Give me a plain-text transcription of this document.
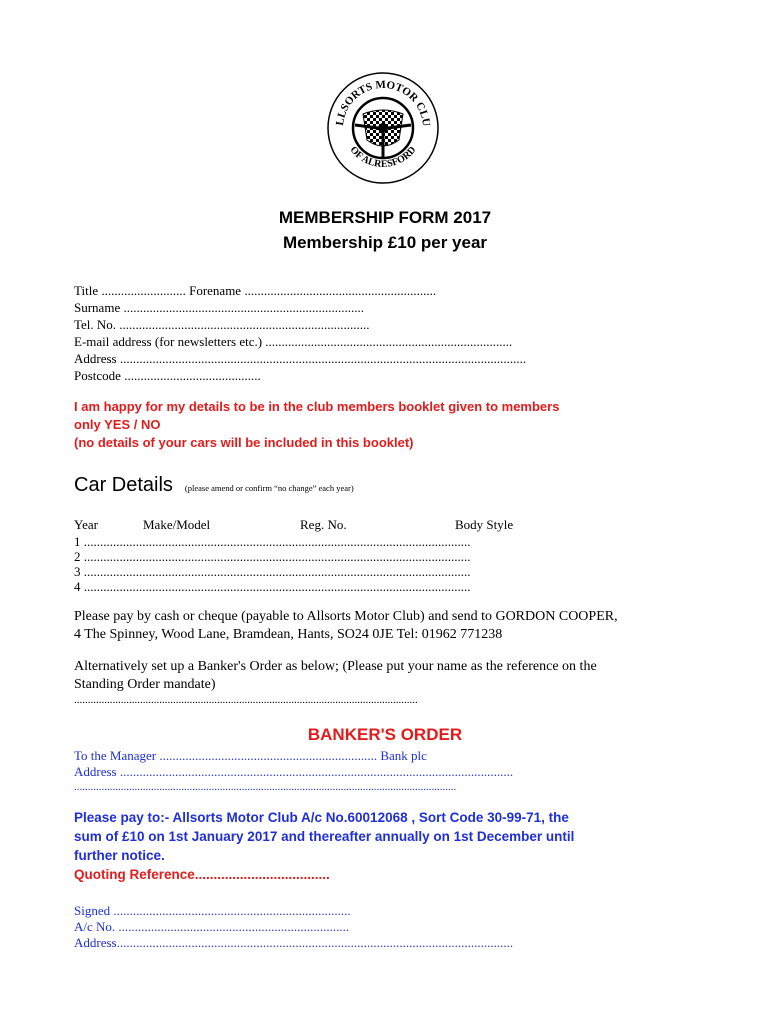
LLSORTS MOTOR CLU
OF ALRESFORD
MEMBERSHIP FORM 2017
Membership £10 per year
Title .......................... Forename ...........................................................
Surname ..........................................................................
Tel. No. .............................................................................
E-mail address (for newsletters etc.) ............................................................................
Address .............................................................................................................................
Postcode ..........................................
I am happy for my details to be in the club members booklet given to members
only YES / NO
(no details of your cars will be included in this booklet)
Car Details (please amend or confirm “no change” each year)
Year	Make/Model	Reg. No.	Body Style
1 .......................................................................................................................
2 .......................................................................................................................
3 .......................................................................................................................
4 .......................................................................................................................
Please pay by cash or cheque (payable to Allsorts Motor Club) and send to GORDON COOPER,
4 The Spinney, Wood Lane, Bramdean, Hants, SO24 0JE Tel: 01962 771238
Alternatively set up a Banker's Order as below; (Please put your name as the reference on the
Standing Order mandate)
.............................................................................................................................
BANKER'S ORDER
To the Manager ................................................................... Bank plc
Address .........................................................................................................................
...........................................................................................................................................
Please pay to:- Allsorts Motor Club A/c No.60012068 , Sort Code 30-99-71, the
sum of £10 on 1st January 2017 and thereafter annually on 1st December until
further notice.
Quoting Reference....................................
Signed .........................................................................
A/c No. .......................................................................
Address..........................................................................................................................
